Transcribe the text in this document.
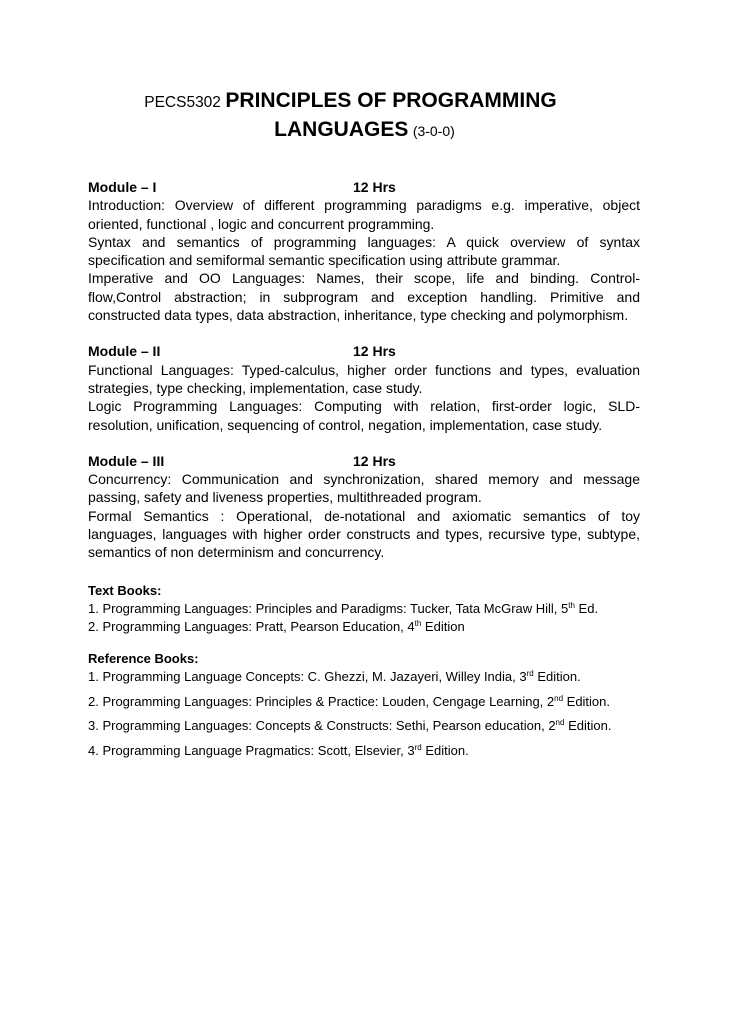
PECS5302 PRINCIPLES OF PROGRAMMING
LANGUAGES (3-0-0)
Module – I	12 Hrs

Introduction: Overview of different programming paradigms e.g. imperative, object oriented, functional , logic and concurrent programming.

Syntax and semantics of programming languages: A quick overview of syntax specification and semiformal semantic specification using attribute grammar.

Imperative and OO Languages: Names, their scope, life and binding. Control-flow,Control abstraction; in subprogram and exception handling. Primitive and constructed data types, data abstraction, inheritance, type checking and polymorphism.

Module – II	12 Hrs

Functional Languages: Typed-calculus, higher order functions and types, evaluation strategies, type checking, implementation, case study.

Logic Programming Languages: Computing with relation, first-order logic, SLD-resolution, unification, sequencing of control, negation, implementation, case study.

Module – III	12 Hrs

Concurrency: Communication and synchronization, shared memory and message passing, safety and liveness properties, multithreaded program.

Formal Semantics : Operational, de-notational and axiomatic semantics of toy languages, languages with higher order constructs and types, recursive type, subtype, semantics of non determinism and concurrency.

Text Books:
1. Programming Languages: Principles and Paradigms: Tucker, Tata McGraw Hill, 5th Ed.
2. Programming Languages: Pratt, Pearson Education, 4th Edition
Reference Books:
1. Programming Language Concepts: C. Ghezzi, M. Jazayeri, Willey India, 3rd Edition.
2. Programming Languages: Principles & Practice: Louden, Cengage Learning, 2nd Edition.
3. Programming Languages: Concepts & Constructs: Sethi, Pearson education, 2nd Edition.
4. Programming Language Pragmatics: Scott, Elsevier, 3rd Edition.
